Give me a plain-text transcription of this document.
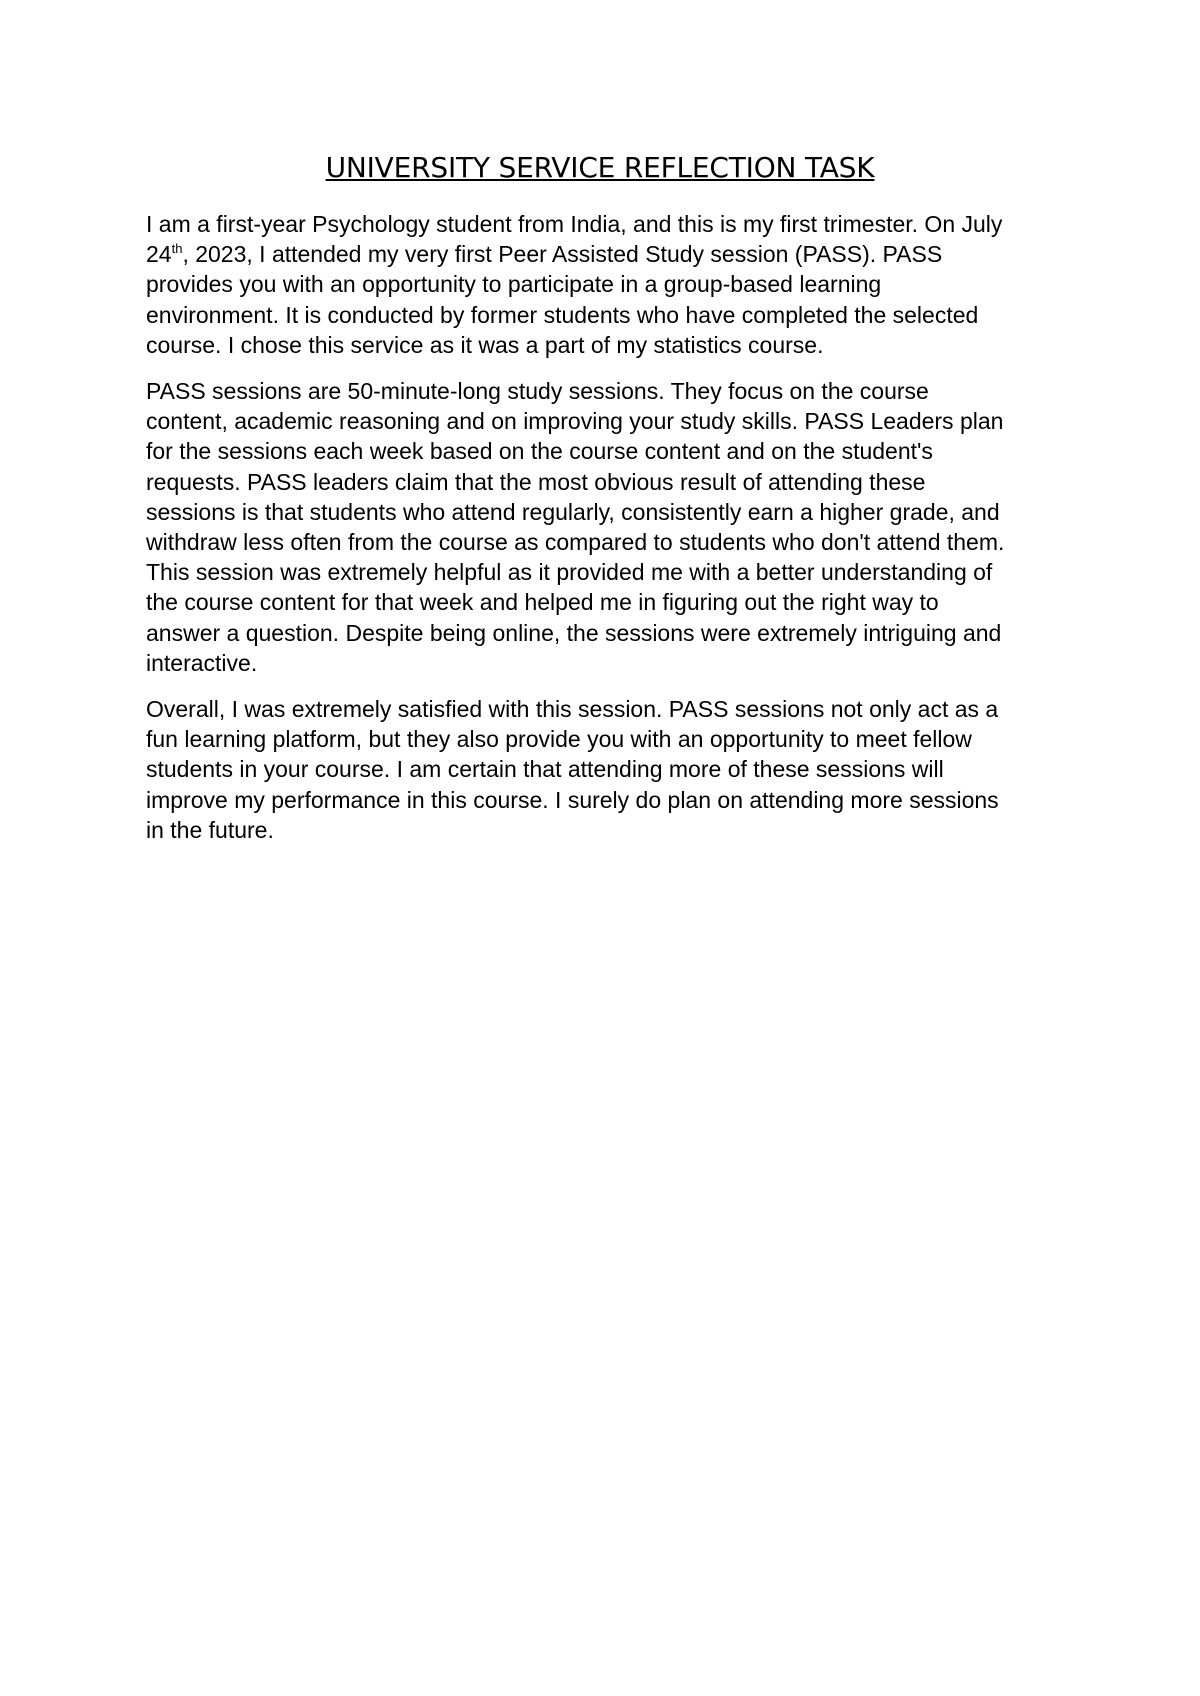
UNIVERSITY SERVICE REFLECTION TASK

I am a first-year Psychology student from India, and this is my first trimester. On July
24th, 2023, I attended my very first Peer Assisted Study session (PASS). PASS
provides you with an opportunity to participate in a group-based learning
environment. It is conducted by former students who have completed the selected
course. I chose this service as it was a part of my statistics course.

PASS sessions are 50-minute-long study sessions. They focus on the course
content, academic reasoning and on improving your study skills. PASS Leaders plan
for the sessions each week based on the course content and on the student's
requests. PASS leaders claim that the most obvious result of attending these
sessions is that students who attend regularly, consistently earn a higher grade, and
withdraw less often from the course as compared to students who don't attend them.
This session was extremely helpful as it provided me with a better understanding of
the course content for that week and helped me in figuring out the right way to
answer a question. Despite being online, the sessions were extremely intriguing and
interactive.

Overall, I was extremely satisfied with this session. PASS sessions not only act as a
fun learning platform, but they also provide you with an opportunity to meet fellow
students in your course. I am certain that attending more of these sessions will
improve my performance in this course. I surely do plan on attending more sessions
in the future.
